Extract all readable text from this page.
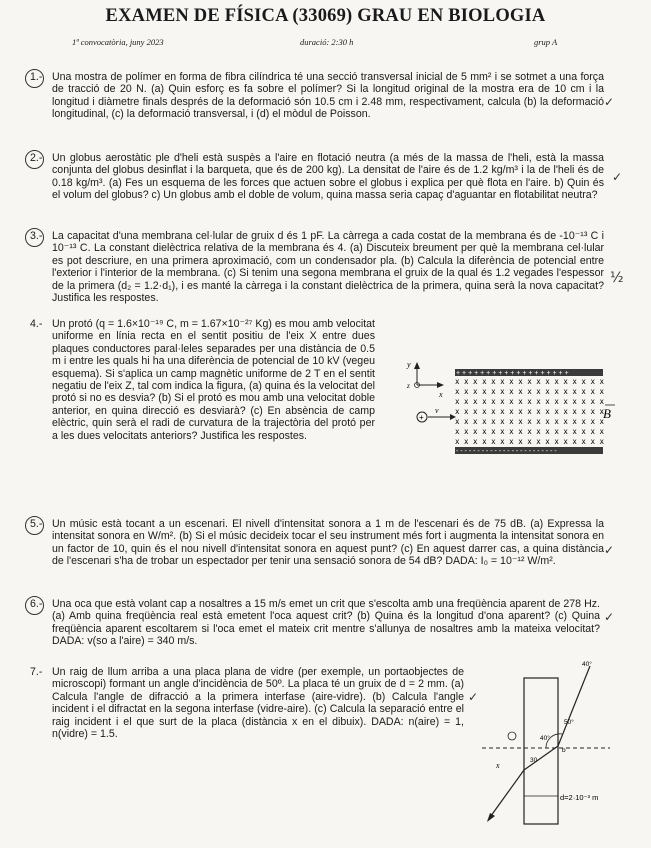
EXAMEN DE FÍSICA (33069) GRAU EN BIOLOGIA
1ª convocatòria, juny 2023	duració: 2:30 h	grup A
1.- Una mostra de polímer en forma de fibra cilíndrica té una secció transversal inicial de 5 mm² i se sotmet a una força de tracció de 20 N. (a) Quin esforç es fa sobre el polímer? Si la longitud original de la mostra era de 10 cm i la longitud i diàmetre finals després de la deformació són 10.5 cm i 2.48 mm, respectivament, calcula (b) la deformació longitudinal, (c) la deformació transversal, i (d) el mòdul de Poisson.
✓
2.- Un globus aerostàtic ple d'heli està suspès a l'aire en flotació neutra (a més de la massa de l'heli, està la massa conjunta del globus desinflat i la barqueta, que és de 200 kg). La densitat de l'aire és de 1.2 kg/m³ i la de l'heli és de 0.18 kg/m³. (a) Fes un esquema de les forces que actuen sobre el globus i explica per què flota en l'aire. b) Quin és el volum del globus? c) Un globus amb el doble de volum, quina massa seria capaç d'aguantar en flotabilitat neutra?
✓
3.- La capacitat d'una membrana cel·lular de gruix d és 1 pF. La càrrega a cada costat de la membrana és de -10⁻¹³ C i 10⁻¹³ C. La constant dielèctrica relativa de la membrana és 4. (a) Discuteix breument per què la membrana cel·lular es pot descriure, en una primera aproximació, com un condensador pla. (b) Calcula la diferència de potencial entre l'exterior i l'interior de la membrana. (c) Si tenim una segona membrana el gruix de la qual és 1.2 vegades l'espessor de la primera (d₂ = 1.2·d₁), i es manté la càrrega i la constant dielèctrica de la primera, quina serà la nova capacitat? Justifica les respostes.
½
4.- Un protó (q = 1.6×10⁻¹⁹ C, m = 1.67×10⁻²⁷ Kg) es mou amb velocitat uniforme en línia recta en el sentit positiu de l'eix X entre dues plaques conductores paral·leles separades per una distància de 0.5 m i entre les quals hi ha una diferència de potencial de 10 kV (vegeu esquema). Si s'aplica un camp magnètic uniforme de 2 T en el sentit negatiu de l'eix Z, tal com indica la figura, (a) quina és la velocitat del protó si no es desvia? (b) Si el protó es mou amb una velocitat doble anterior, en quina direcció es desviarà? (c) En absència de camp elèctric, quin serà el radi de curvatura de la trajectòria del protó per a les dues velocitats anteriors? Justifica les respostes.
y
x
z
+ + + + + + + + + + + + + + + + + + +
x x x x x x x x x x x x x x x x x
x x x x x x x x x x x x x x x x x
x x x x x x x x x x x x x x x x x
x x x x x x x x x x x x x x x x x
x x x x x x x x x x x x x x x x x
x x x x x x x x x x x x x x x x x
x x x x x x x x x x x x x x x x x
- - - - - - - - - - - - - - - - - - - - - - - -
+
v	B
5.- Un músic està tocant a un escenari. El nivell d'intensitat sonora a 1 m de l'escenari és de 75 dB. (a) Expressa la intensitat sonora en W/m². (b) Si el músic decideix tocar el seu instrument més fort i augmenta la intensitat sonora en un factor de 10, quin és el nou nivell d'intensitat sonora en aquest punt? (c) En aquest darrer cas, a quina distància de l'escenari s'ha de trobar un espectador per tenir una sensació sonora de 54 dB? DADA: I₀ = 10⁻¹² W/m².
✓
6.- Una oca que està volant cap a nosaltres a 15 m/s emet un crit que s'escolta amb una freqüència aparent de 278 Hz. (a) Amb quina freqüència real està emetent l'oca aquest crit? (b) Quina és la longitud d'ona aparent? (c) Quina freqüència aparent escoltarem si l'oca emet el mateix crit mentre s'allunya de nosaltres amb la mateixa velocitat? DADA: v(so a l'aire) = 340 m/s.
✓
7.- Un raig de llum arriba a una placa plana de vidre (per exemple, un portaobjectes de microscopi) formant un angle d'incidència de 50º. La placa té un gruix de d = 2 mm. (a) Calcula l'angle de difracció a la primera interfase (aire-vidre). (b) Calcula l'angle incident i el difractat en la segona interfase (vidre-aire). (c) Calcula la separació entre el raig incident i el que surt de la placa (distància x en el dibuix). DADA: n(aire) = 1, n(vidre) = 1.5.
✓
40°
50°
40°
30
b
x
d=2·10⁻³ m
